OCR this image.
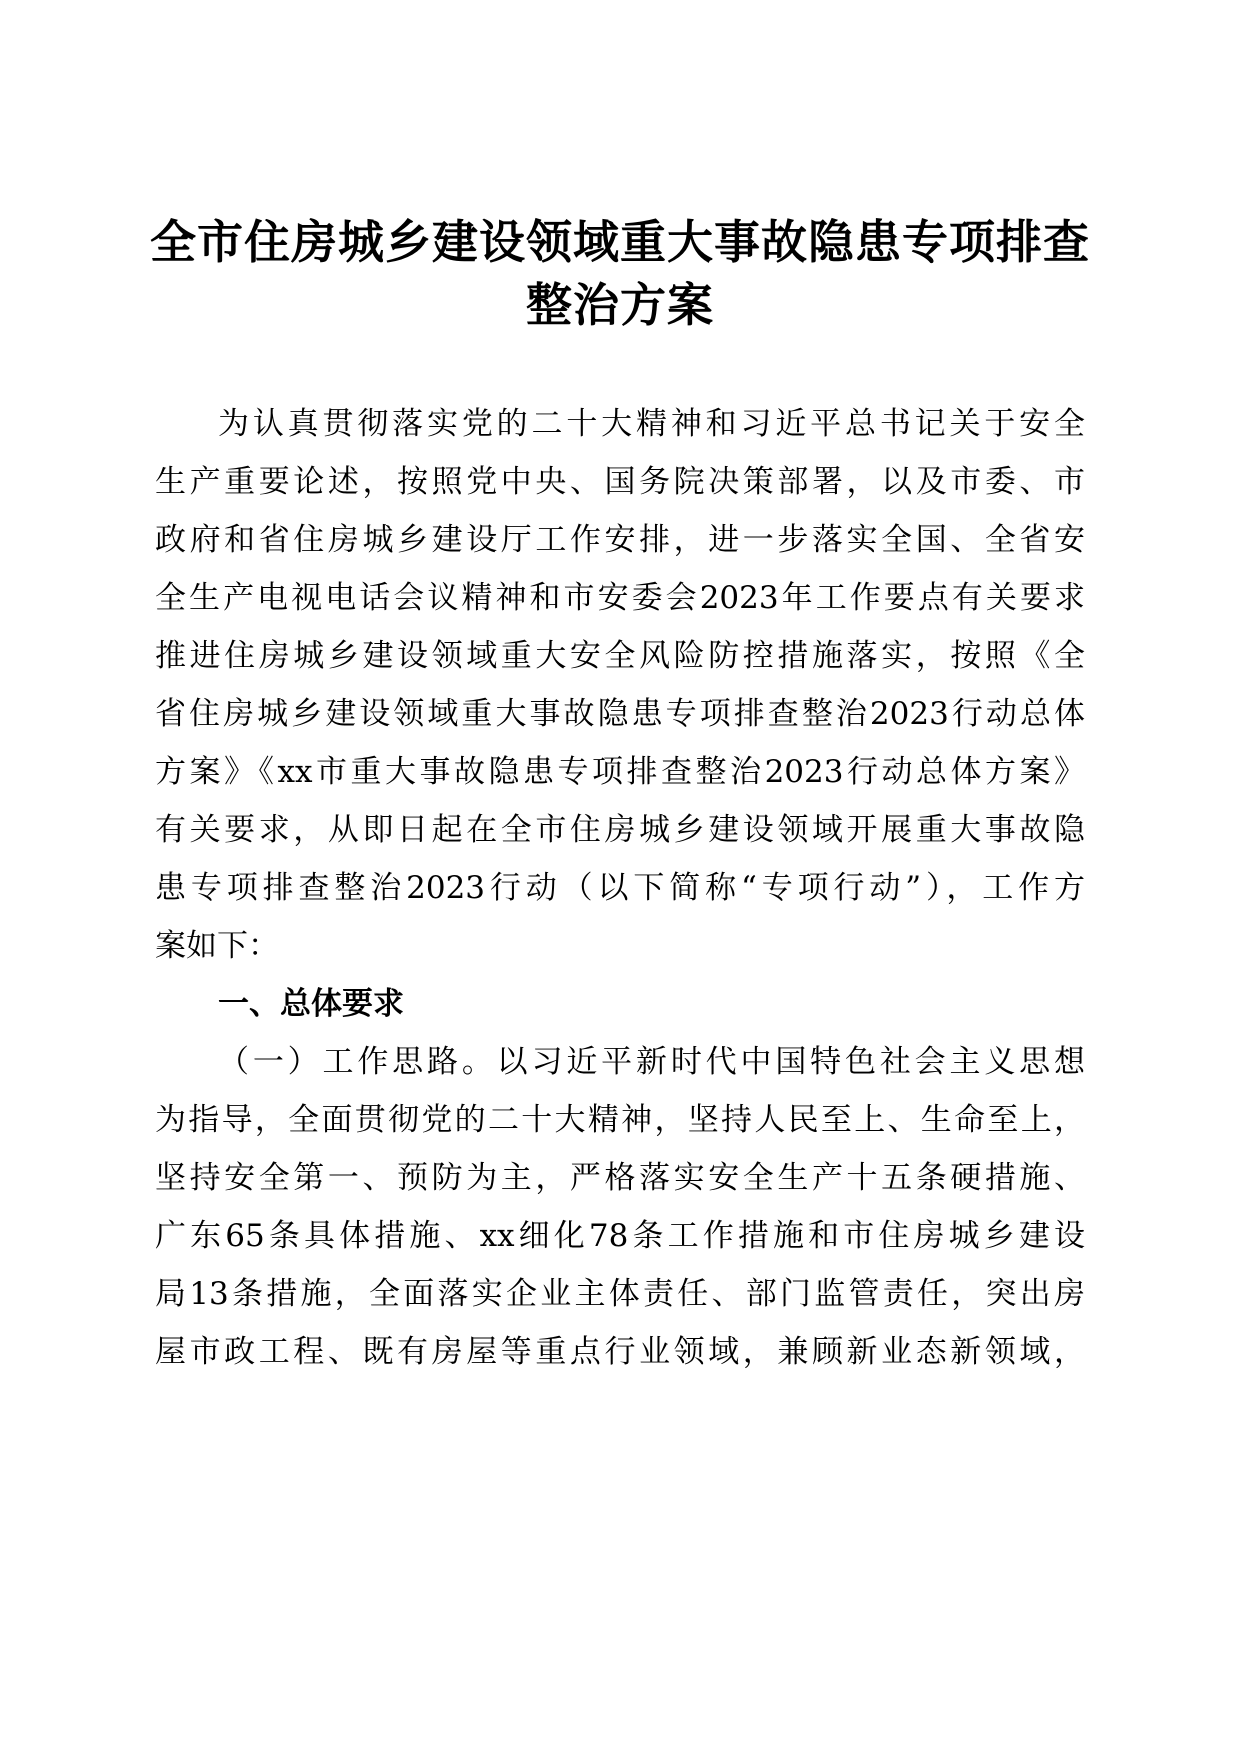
全市住房城乡建设领域重大事故隐患专项排查
整治方案
为认真贯彻落实党的二十大精神和习近平总书记关于安全
生产重要论述，按照党中央、国务院决策部署，以及市委、市
政府和省住房城乡建设厅工作安排，进一步落实全国、全省安
全生产电视电话会议精神和市安委会2023年工作要点有关要求
推进住房城乡建设领域重大安全风险防控措施落实，按照《全
省住房城乡建设领域重大事故隐患专项排查整治2023行动总体
方案》《xx市重大事故隐患专项排查整治2023行动总体方案》
有关要求，从即日起在全市住房城乡建设领域开展重大事故隐
患专项排查整治2023行动（以下简称“专项行动”），工作方
案如下：
一、总体要求
（一）工作思路。以习近平新时代中国特色社会主义思想
为指导，全面贯彻党的二十大精神，坚持人民至上、生命至上，
坚持安全第一、预防为主，严格落实安全生产十五条硬措施、
广东65条具体措施、xx细化78条工作措施和市住房城乡建设
局13条措施，全面落实企业主体责任、部门监管责任，突出房
屋市政工程、既有房屋等重点行业领域，兼顾新业态新领域，
